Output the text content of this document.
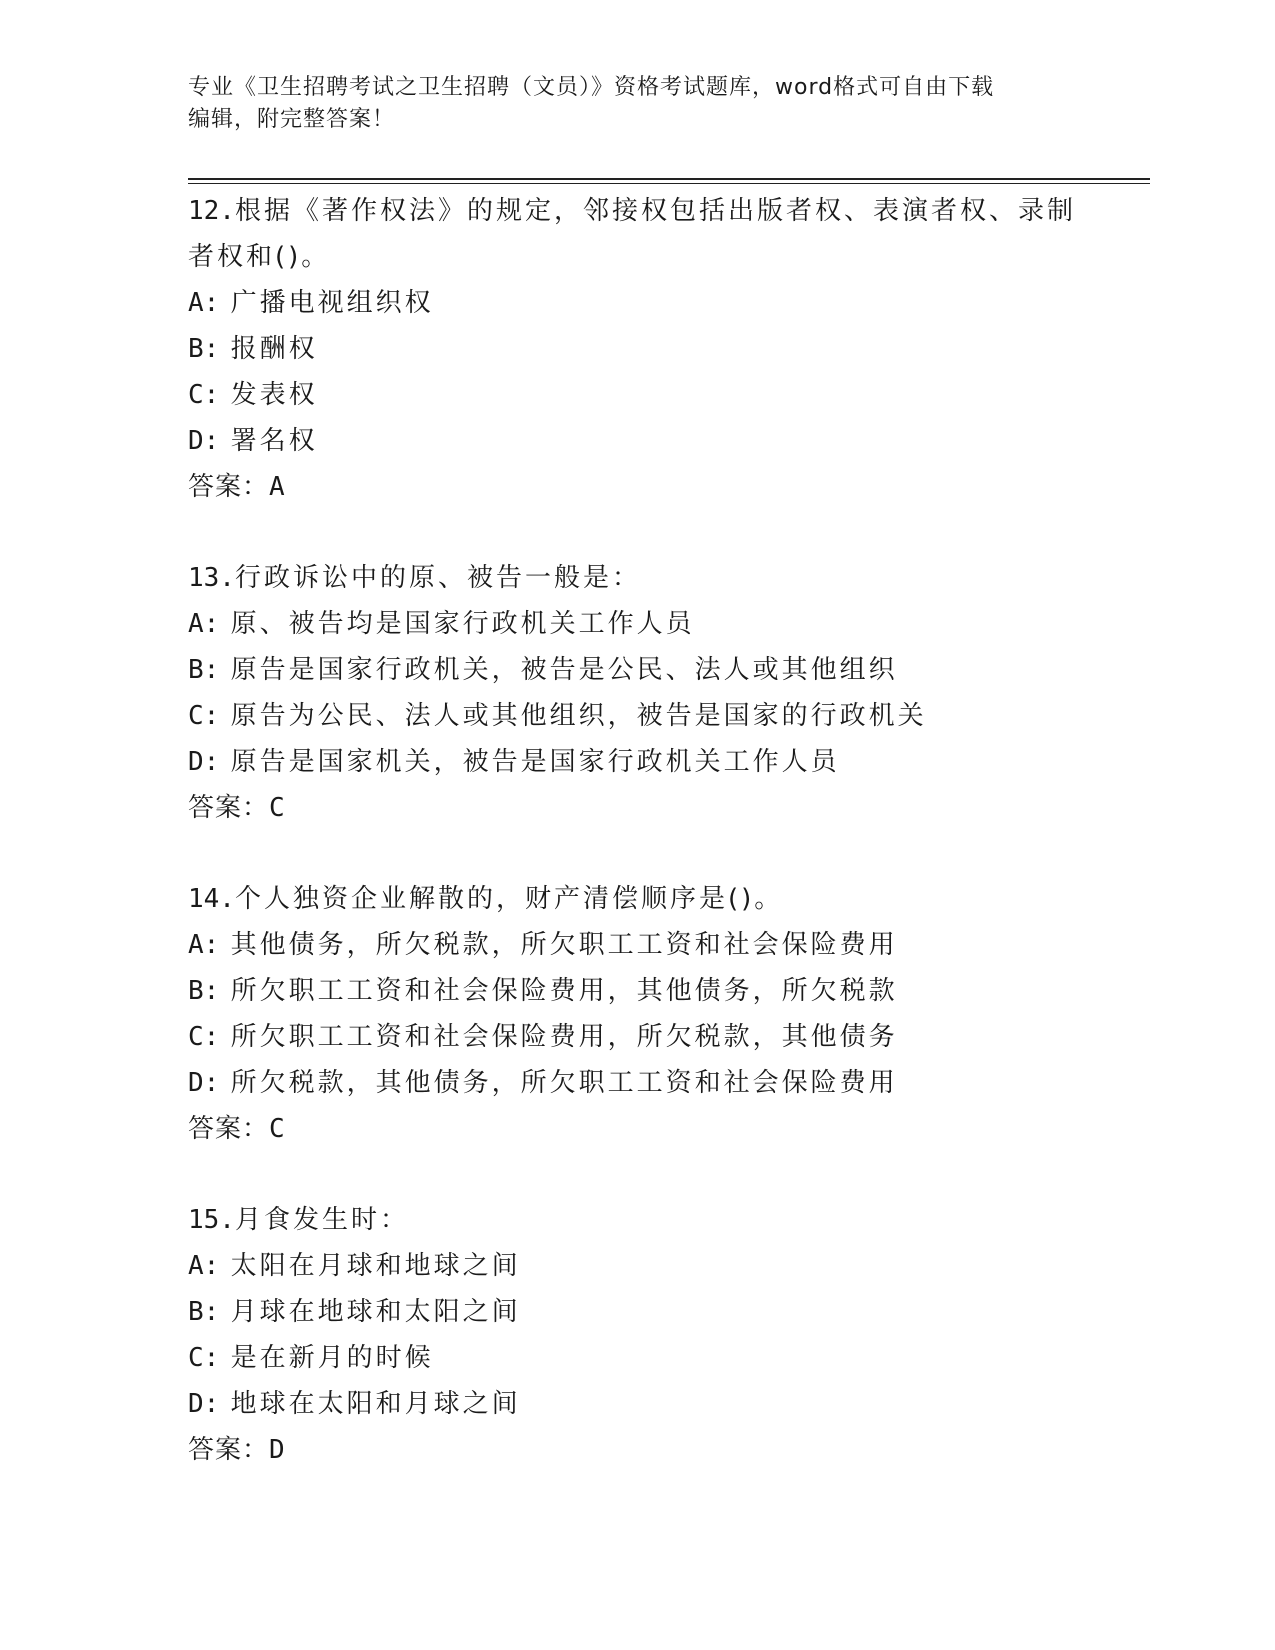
专业《卫生招聘考试之卫生招聘（文员）》资格考试题库，word格式可自由下载
编辑，附完整答案！
12.根据《著作权法》的规定，邻接权包括出版者权、表演者权、录制
者权和()。
A: 广播电视组织权
B: 报酬权
C: 发表权
D: 署名权
答案：A
13.行政诉讼中的原、被告一般是：
A: 原、被告均是国家行政机关工作人员
B: 原告是国家行政机关，被告是公民、法人或其他组织
C: 原告为公民、法人或其他组织，被告是国家的行政机关
D: 原告是国家机关，被告是国家行政机关工作人员
答案：C
14.个人独资企业解散的，财产清偿顺序是()。
A: 其他债务，所欠税款，所欠职工工资和社会保险费用
B: 所欠职工工资和社会保险费用，其他债务，所欠税款
C: 所欠职工工资和社会保险费用，所欠税款，其他债务
D: 所欠税款，其他债务，所欠职工工资和社会保险费用
答案：C
15.月食发生时：
A: 太阳在月球和地球之间
B: 月球在地球和太阳之间
C: 是在新月的时候
D: 地球在太阳和月球之间
答案：D
